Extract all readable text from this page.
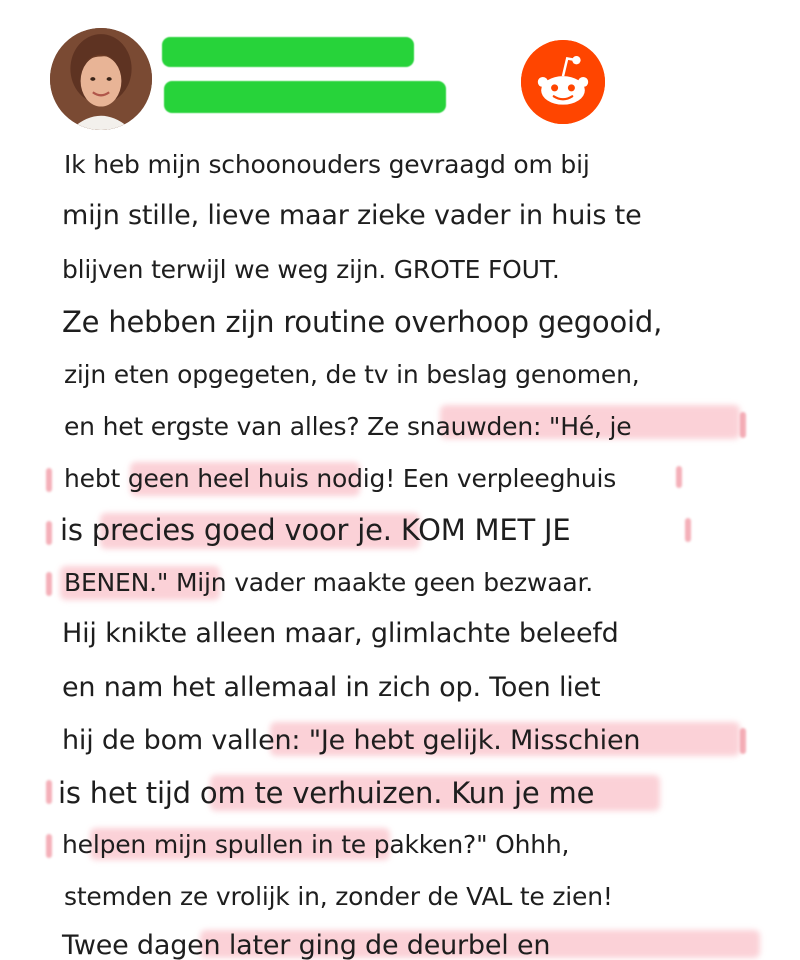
Ik heb mijn schoonouders gevraagd om bij
mijn stille, lieve maar zieke vader in huis te
blijven terwijl we weg zijn. GROTE FOUT.
Ze hebben zijn routine overhoop gegooid,
zijn eten opgegeten, de tv in beslag genomen,
en het ergste van alles? Ze snauwden: "Hé, je
hebt geen heel huis nodig! Een verpleeghuis
is precies goed voor je. KOM MET JE
BENEN." Mijn vader maakte geen bezwaar.
Hij knikte alleen maar, glimlachte beleefd
en nam het allemaal in zich op. Toen liet
hij de bom vallen: "Je hebt gelijk. Misschien
is het tijd om te verhuizen. Kun je me
helpen mijn spullen in te pakken?" Ohhh,
stemden ze vrolijk in, zonder de VAL te zien!
Twee dagen later ging de deurbel en
